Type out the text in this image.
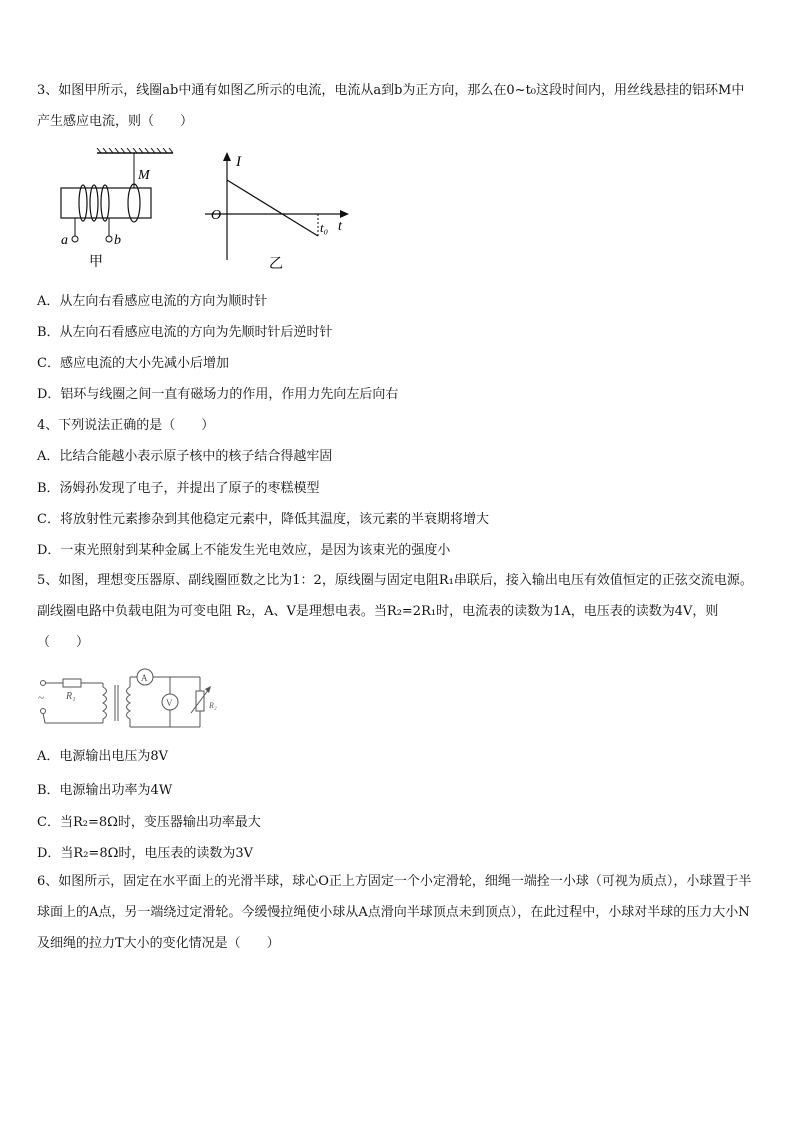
3、如图甲所示，线圈ab中通有如图乙所示的电流，电流从a到b为正方向，那么在0~t₀这段时间内，用丝线悬挂的铝环M中产生感应电流，则（　　）
M
a	b
甲
I
O
t
t₀
乙
A．从左向右看感应电流的方向为顺时针
B．从左向石看感应电流的方向为先顺时针后逆时针
C．感应电流的大小先减小后增加
D．铝环与线圈之间一直有磁场力的作用，作用力先向左后向右
4、下列说法正确的是（　　）
A．比结合能越小表示原子核中的核子结合得越牢固
B．汤姆孙发现了电子，并提出了原子的枣糕模型
C．将放射性元素掺杂到其他稳定元素中，降低其温度，该元素的半衰期将增大
D．一束光照射到某种金属上不能发生光电效应，是因为该束光的强度小
5、如图，理想变压器原、副线圈匝数之比为1：2，原线圈与固定电阻R₁串联后，接入输出电压有效值恒定的正弦交流电源。副线圈电路中负载电阻为可变电阻 R₂，A、V是理想电表。当R₂=2R₁时，电流表的读数为1A，电压表的读数为4V，则（　　）
~ R₁
A
V	R₂
A．电源输出电压为8V
B．电源输出功率为4W
C．当R₂=8Ω时，变压器输出功率最大
D．当R₂=8Ω时，电压表的读数为3V
6、如图所示，固定在水平面上的光滑半球，球心O正上方固定一个小定滑轮，细绳一端拴一小球（可视为质点），小球置于半球面上的A点，另一端绕过定滑轮。今缓慢拉绳使小球从A点滑向半球顶点未到顶点），在此过程中，小球对半球的压力大小N及细绳的拉力T大小的变化情况是（　　）
